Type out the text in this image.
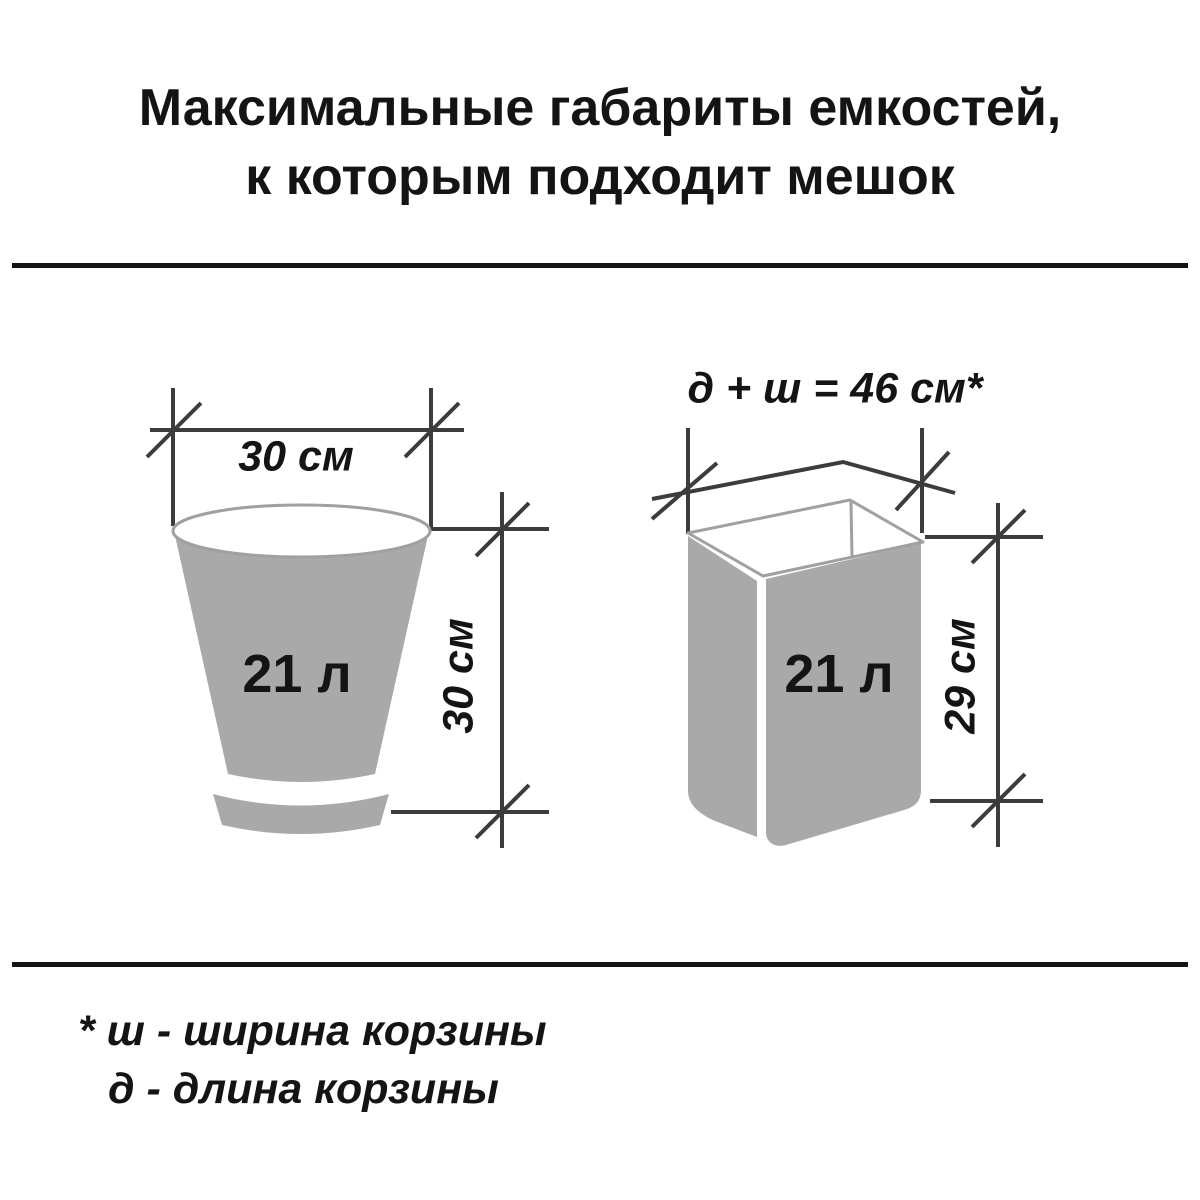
Максимальные габариты емкостей,
к которым подходит мешок
30 см
21 л 30 см
д + ш = 46 см*
21 л 29 см
* ш - ширина корзины
д - длина корзины
